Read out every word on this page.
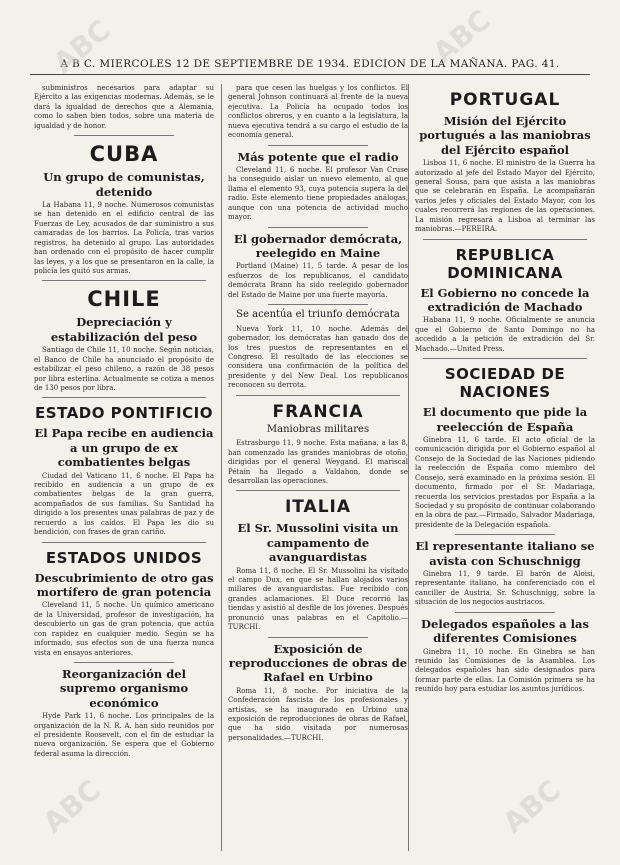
A B C. MIERCOLES 12 DE SEPTIEMBRE DE 1934. EDICION DE LA MAÑANA. PAG. 41.
ABC	ABC
ABC	ABC

subministros necesarios para adaptar su Ejército a las exigencias modernas. Además, se le dará la igualdad de derechos que a Alemania, como lo saben bien todos, sobre una materia de igualdad y de honor.

CUBA
Un grupo de comunistas, detenido

La Habana 11, 9 noche. Numerosos comunistas se han detenido en el edificio central de las Fuerzas de Ley, acusados de dar suministro a sus camaradas de los barrios. La Policía, tras varios registros, ha detenido al grupo. Las autoridades han ordenado con el propósito de hacer cumplir las leyes, y a los que se presentaron en la calle, la policía les quitó sus armas.

CHILE
Depreciación y estabilización del peso

Santiago de Chile 11, 10 noche. Según noticias, el Banco de Chile ha anunciado el propósito de estabilizar el peso chileno, a razón de 38 pesos por libra esterlina. Actualmente se cotiza a menos de 130 pesos por libra.

ESTADO PONTIFICIO
El Papa recibe en audiencia a un grupo de ex combatientes belgas

Ciudad del Vaticano 11, 6 noche. El Papa ha recibido en audiencia a un grupo de ex combatientes belgas de la gran guerra, acompañados de sus familias. Su Santidad ha dirigido a los presentes unas palabras de paz y de recuerdo a los caídos. El Papa les dio su bendición, con frases de gran cariño.

ESTADOS UNIDOS
Descubrimiento de otro gas mortífero de gran potencia

Cleveland 11, 5 noche. Un químico americano de la Universidad, profesor de investigación, ha descubierto un gas de gran potencia, que actúa con rapidez en cualquier medio. Según se ha informado, sus efectos son de una fuerza nunca vista en ensayos anteriores.

Reorganización del supremo organismo económico

Hyde Park 11, 6 noche. Los principales de la organización de la N. R. A. han sido reunidos por el presidente Roosevelt, con el fin de estudiar la nueva organización. Se espera que el Gobierno federal asuma la dirección.

para que cesen las huelgas y los conflictos. El general Johnson continuará al frente de la nueva ejecutiva. La Policía ha ocupado todos los conflictos obreros, y en cuanto a la legislatura, la nueva ejecutiva tendrá a su cargo el estudio de la economía general.

Más potente que el radio

Cleveland 11, 6 noche. El profesor Van Cruse ha conseguido aislar un nuevo elemento, al que llama el elemento 93, cuya potencia supera la del radio. Este elemento tiene propiedades análogas, aunque con una potencia de actividad mucho mayor.

El gobernador demócrata, reelegido en Maine

Portland (Maine) 11, 5 tarde. A pesar de los esfuerzos de los republicanos, el candidato demócrata Brann ha sido reelegido gobernador del Estado de Maine por una fuerte mayoría.

Se acentúa el triunfo demócrata

Nueva York 11, 10 noche. Además del gobernador, los demócratas han ganado dos de los tres puestos de representantes en el Congreso. El resultado de las elecciones se considera una confirmación de la política del presidente y del New Deal. Los republicanos reconocen su derrota.

FRANCIA
Maniobras militares

Estrasburgo 11, 9 noche. Esta mañana, a las 8, han comenzado las grandes maniobras de otoño, dirigidas por el general Weygand. El mariscal Pétain ha llegado a Valdahon, donde se desarrollan las operaciones.

ITALIA
El Sr. Mussolini visita un campamento de avanguardistas

Roma 11, 8 noche. El Sr. Mussolini ha visitado el campo Dux, en que se hallan alojados varios millares de avanguardistas. Fue recibido con grandes aclamaciones. El Duce recorrió las tiendas y asistió al desfile de los jóvenes. Después pronunció unas palabras en el Capitolio.—TURCHI.

Exposición de reproducciones de obras de Rafael en Urbino

Roma 11, 8 noche. Por iniciativa de la Confederación fascista de los profesionales y artistas, se ha inaugurado en Urbino una exposición de reproducciones de obras de Rafael, que ha sido visitada por numerosas personalidades.—TURCHI.

PORTUGAL
Misión del Ejército portugués a las maniobras del Ejército español

Lisboa 11, 6 noche. El ministro de la Guerra ha autorizado al jefe del Estado Mayor del Ejército, general Sousa, para que asista a las maniobras que se celebrarán en España. Le acompañarán varios jefes y oficiales del Estado Mayor, con los cuales recorrerá las regiones de las operaciones. La misión regresará a Lisboa al terminar las maniobras.—PEREIRA.

REPUBLICA DOMINICANA
El Gobierno no concede la extradición de Machado

Habana 11, 9 noche. Oficialmente se anuncia que el Gobierno de Santo Domingo no ha accedido a la petición de extradición del Sr. Machado.—United Press.

SOCIEDAD DE NACIONES
El documento que pide la reelección de España

Ginebra 11, 6 tarde. El acto oficial de la comunicación dirigida por el Gobierno español al Consejo de la Sociedad de las Naciones pidiendo la reelección de España como miembro del Consejo, será examinado en la próxima sesión. El documento, firmado por el Sr. Madariaga, recuerda los servicios prestados por España a la Sociedad y su propósito de continuar colaborando en la obra de paz.—Firmado, Salvador Madariaga, presidente de la Delegación española.

El representante italiano se avista con Schuschnigg

Ginebra 11, 9 tarde. El barón de Aloisi, representante italiano, ha conferenciado con el canciller de Austria, Sr. Schuschnigg, sobre la situación de los negocios austriacos.

Delegados españoles a las diferentes Comisiones

Ginebra 11, 10 noche. En Ginebra se han reunido las Comisiones de la Asamblea. Los delegados españoles han sido designados para formar parte de ellas. La Comisión primera se ha reunido hoy para estudiar los asuntos jurídicos.
